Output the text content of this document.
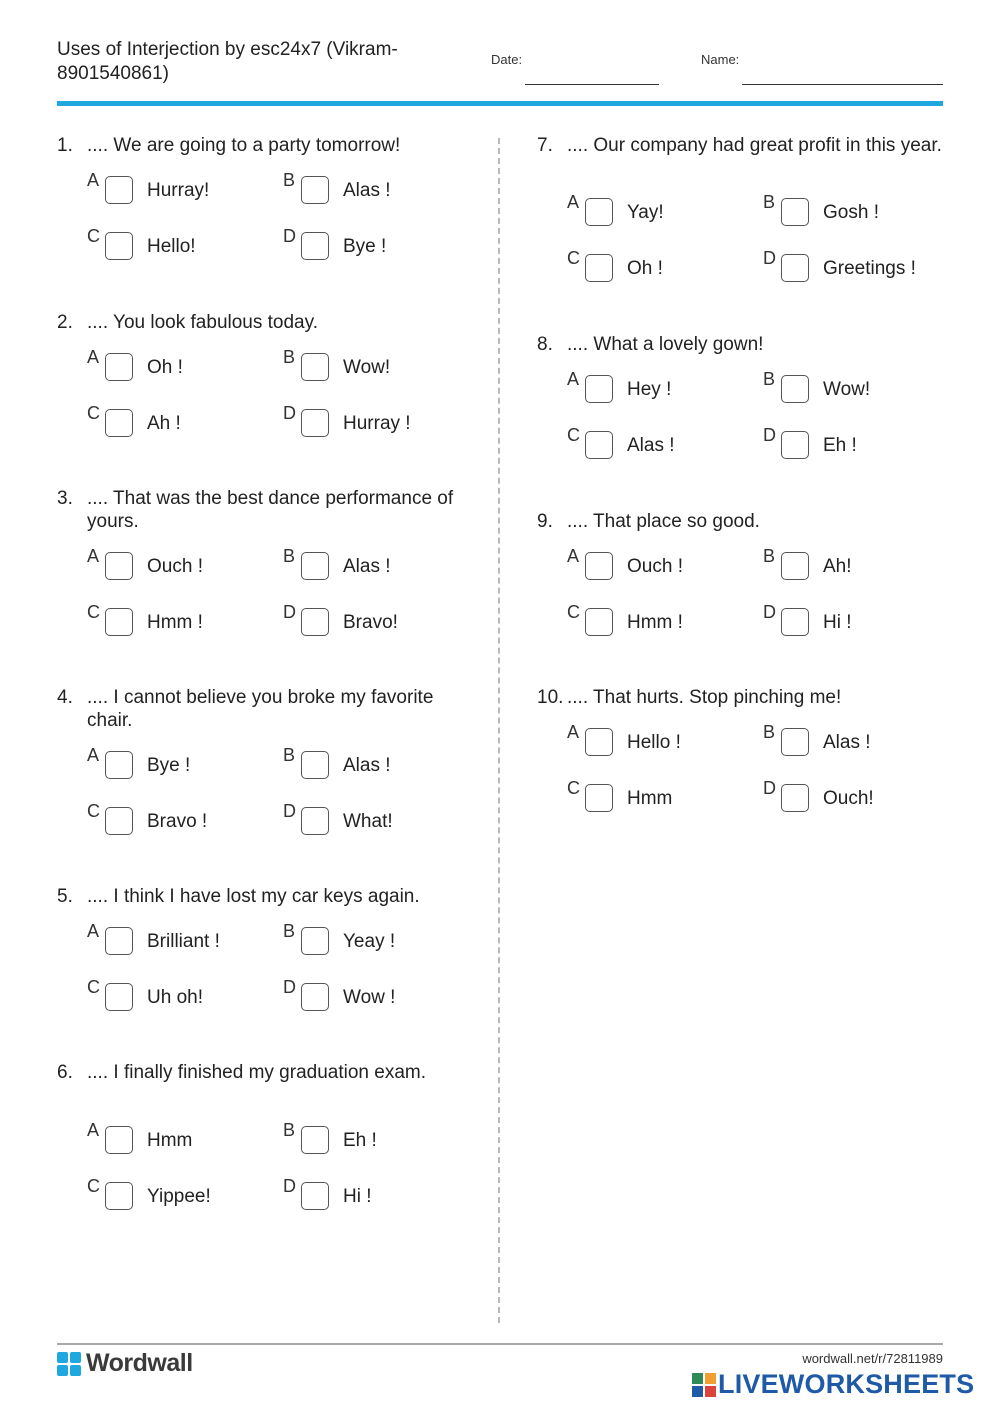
Uses of Interjection by esc24x7 (Vikram-
8901540861)
Date:	Name:
1. .... We are going to a party tomorrow!
A	Hurray!	B	Alas !
C Hello!	D Bye !
2. .... You look fabulous today.
A	Oh !	B	Wow!
C Ah !	D Hurray !
3. .... That was the best dance performance of yours.
A	Ouch !	B	Alas !
C Hmm !	D Bravo!
4. .... I cannot believe you broke my favorite chair.
A	Bye !	B	Alas !
C Bravo !	D What!
5. .... I think I have lost my car keys again.
A	Brilliant !	B	Yeay !
C Uh oh!	D Wow !
6. .... I finally finished my graduation exam.
A	Hmm	B	Eh !
C Yippee!	D Hi !
7. .... Our company had great profit in this year.
A	Yay!	B	Gosh !
C Oh !	D Greetings !
8. .... What a lovely gown!
A	Hey !	B	Wow!
C Alas !	D Eh !
9. .... That place so good.
A	Ouch !	B	Ah!
C Hmm !	D Hi !
10. .... That hurts. Stop pinching me!
A	Hello !	B	Alas !
C Hmm	D Ouch!
Wordwall	wordwall.net/r/72811989
LIVEWORKSHEETS
